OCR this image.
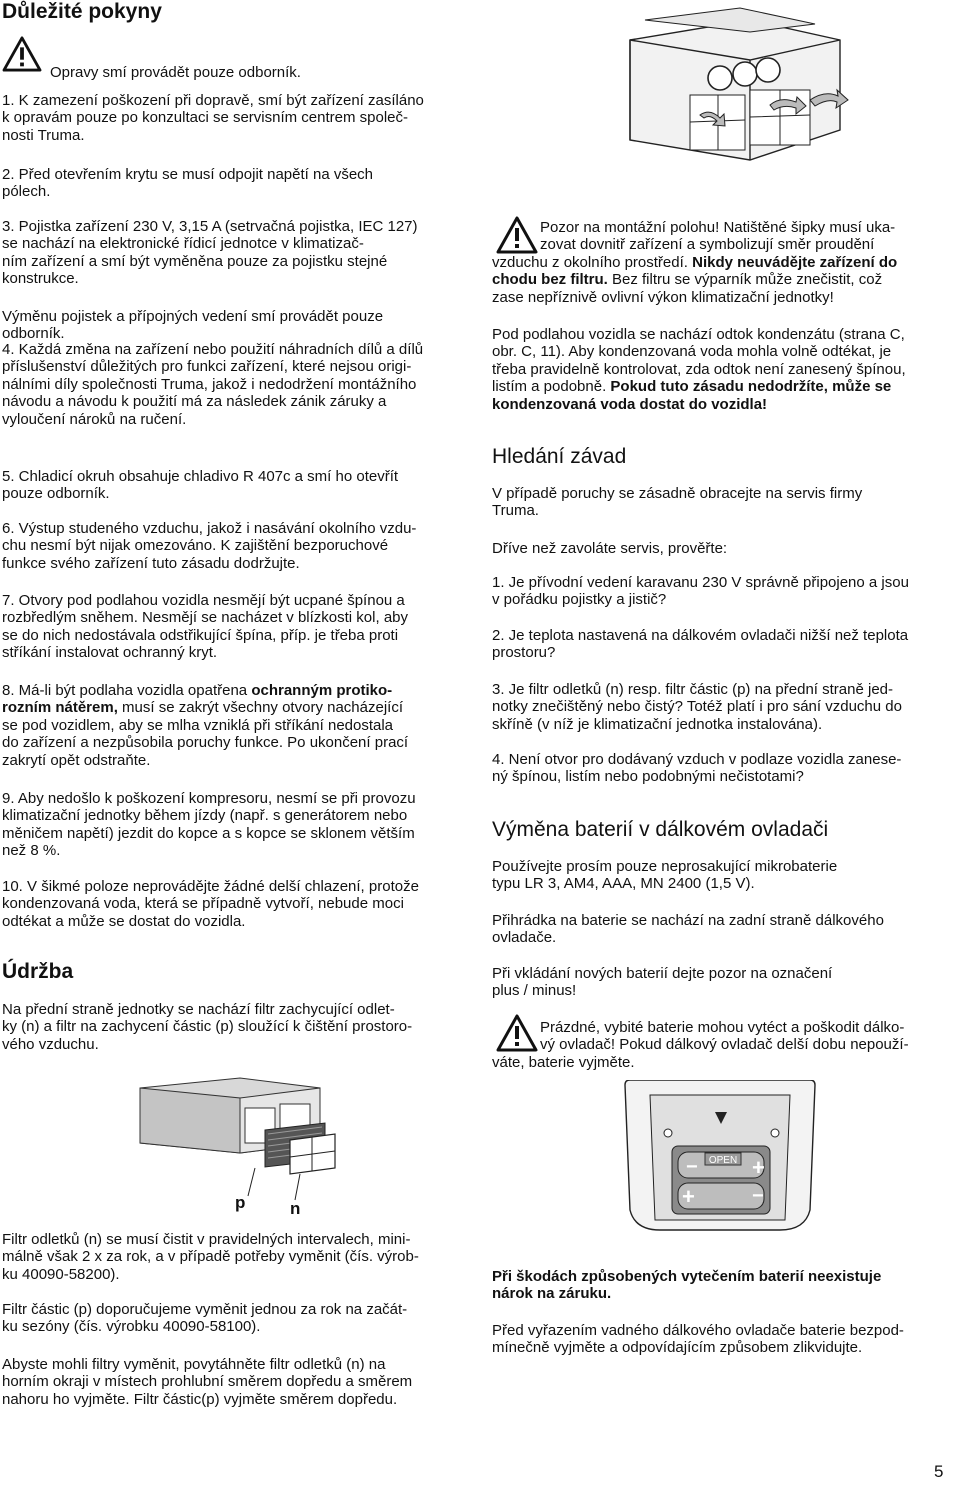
Důležité pokyny

Opravy smí provádět pouze odborník.

1. K zamezení poškození při dopravě, smí být zařízení zasíláno

k opravám pouze po konzultaci se servisním centrem společ-

nosti Truma.

2. Před otevřením krytu se musí odpojit napětí na všech

pólech.

3. Pojistka zařízení 230 V, 3,15 A (setrvačná pojistka, IEC 127)

se nachází na elektronické řídicí jednotce v klimatizač-

ním zařízení a smí být vyměněna pouze za pojistku stejné

konstrukce.

Výměnu pojistek a přípojných vedení smí provádět pouze

odborník.

4. Každá změna na zařízení nebo použití náhradních dílů a dílů

příslušenství důležitých pro funkci zařízení, které nejsou origi-

nálními díly společnosti Truma, jakož i nedodržení montážního

návodu a návodu k použití má za následek zánik záruky a

vyloučení nároků na ručení.

5. Chladicí okruh obsahuje chladivo R 407c a smí ho otevřít

pouze odborník.

6. Výstup studeného vzduchu, jakož i nasávání okolního vzdu-

chu nesmí být nijak omezováno. K zajištění bezporuchové

funkce svého zařízení tuto zásadu dodržujte.

7. Otvory pod podlahou vozidla nesmějí být ucpané špínou a

rozbředlým sněhem. Nesmějí se nacházet v blízkosti kol, aby

se do nich nedostávala odstřikující špína, příp. je třeba proti

stříkání instalovat ochranný kryt.

8. Má-li být podlaha vozidla opatřena ochranným protiko-

rozním nátěrem, musí se zakrýt všechny otvory nacházející

se pod vozidlem, aby se mlha vzniklá při stříkání nedostala

do zařízení a nezpůsobila poruchy funkce. Po ukončení prací

zakrytí opět odstraňte.

9. Aby nedošlo k poškození kompresoru, nesmí se při provozu

klimatizační jednotky během jízdy (např. s generátorem nebo

měničem napětí) jezdit do kopce a s kopce se sklonem větším

než 8 %.

10. V šikmé poloze neprovádějte žádné delší chlazení, protože

kondenzovaná voda, která se případně vytvoří, nebude moci

odtékat a může se dostat do vozidla.

Údržba

Na přední straně jednotky se nachází filtr zachycující odlet-

ky (n) a filtr na zachycení částic (p) sloužící k čištění prostoro-

vého vzduchu.

p	n

Filtr odletků (n) se musí čistit v pravidelných intervalech, mini-

málně však 2 x za rok, a v případě potřeby vyměnit (čís. výrob-

ku 40090-58200).

Filtr částic (p) doporučujeme vyměnit jednou za rok na začát-

ku sezóny (čís. výrobku 40090-58100).

Abyste mohli filtry vyměnit, povytáhněte filtr odletků (n) na

horním okraji v místech prohlubní směrem dopředu a směrem

nahoru ho vyjměte. Filtr částic(p) vyjměte směrem dopředu.

Pozor na montážní polohu! Natištěné šipky musí uka-

zovat dovnitř zařízení a symbolizují směr proudění

vzduchu z okolního prostředí. Nikdy neuvádějte zařízení do

chodu bez filtru. Bez filtru se výparník může znečistit, což

zase nepříznivě ovlivní výkon klimatizační jednotky!

Pod podlahou vozidla se nachází odtok kondenzátu (strana C,

obr. C, 11). Aby kondenzovaná voda mohla volně odtékat, je

třeba pravidelně kontrolovat, zda odtok není zanesený špínou,

listím a podobně. Pokud tuto zásadu nedodržíte, může se

kondenzovaná voda dostat do vozidla!

Hledání závad

V případě poruchy se zásadně obracejte na servis firmy

Truma.

Dříve než zavoláte servis, prověřte:

1. Je přívodní vedení karavanu 230 V správně připojeno a jsou

v pořádku pojistky a jistič?

2. Je teplota nastavená na dálkovém ovladači nižší než teplota

prostoru?

3. Je filtr odletků (n) resp. filtr částic (p) na přední straně jed-

notky znečištěný nebo čistý? Totéž platí i pro sání vzduchu do

skříně (v níž je klimatizační jednotka instalována).

4. Není otvor pro dodávaný vzduch v podlaze vozidla zanese-

ný špínou, listím nebo podobnými nečistotami?

Výměna baterií v dálkovém ovladači

Používejte prosím pouze neprosakující mikrobaterie

typu LR 3, AM4, AAA, MN 2400 (1,5 V).

Přihrádka na baterie se nachází na zadní straně dálkového

ovladače.

Při vkládání nových baterií dejte pozor na označení

plus / minus!

Prázdné, vybité baterie mohou vytéct a poškodit dálko-

vý ovladač! Pokud dálkový ovladač delší dobu nepouží-

váte, baterie vyjměte.

OPEN
− +
+	−

Při škodách způsobených vytečením baterií neexistuje

nárok na záruku.

Před vyřazením vadného dálkového ovladače baterie bezpod-

mínečně vyjměte a odpovídajícím způsobem zlikvidujte.

5
